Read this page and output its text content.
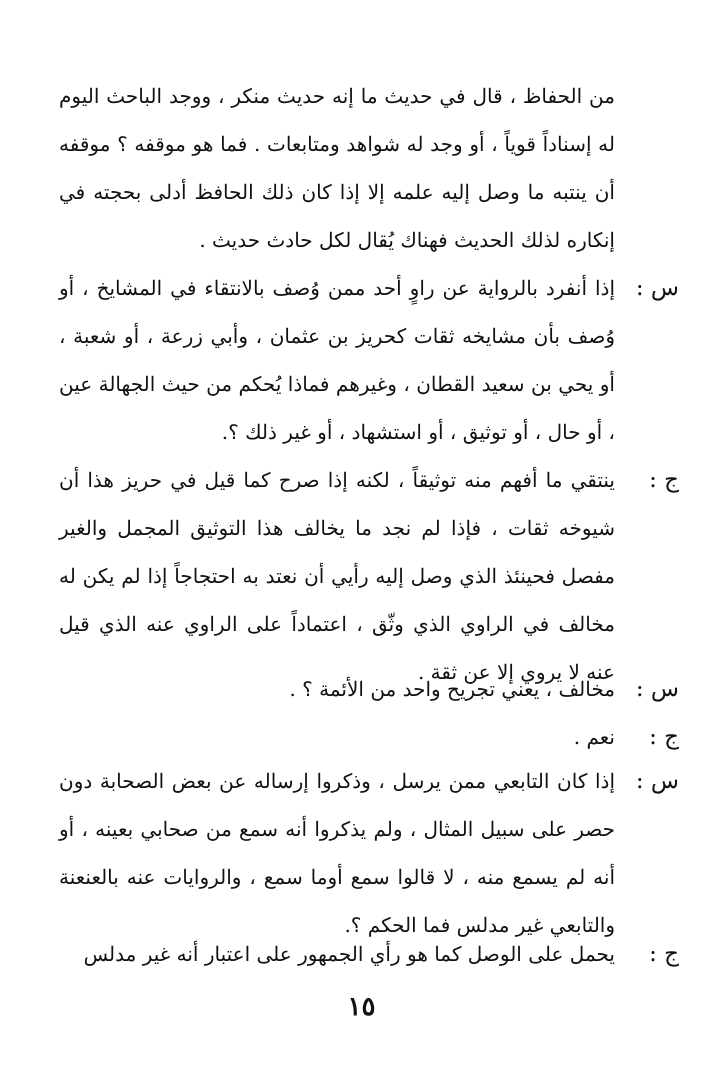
من الحفاظ ، قال في حديث ما إنه حديث منكر ، ووجد الباحث اليوم له إسناداً قوياً ، أو وجد له شواهد ومتابعات . فما هو موقفه ؟ موقفه أن ينتبه ما وصل إليه علمه إلا إذا كان ذلك الحافظ أدلى بحجته في إنكاره لذلك الحديث فهناك يُقال لكل حادث حديث .
س :
إذا أنفرد بالرواية عن راوٍ أحد ممن وُصف بالانتقاء في المشايخ ، أو وُصف بأن مشايخه ثقات كحريز بن عثمان ، وأبي زرعة ، أو شعبة ، أو يحي بن سعيد القطان ، وغيرهم فماذا يُحكم من حيث الجهالة عين ، أو حال ، أو توثيق ، أو استشهاد ، أو غير ذلك ؟.
ج :
ينتقي ما أفهم منه توثيقاً ، لكنه إذا صرح كما قيل في حريز هذا أن شيوخه ثقات ، فإذا لم نجد ما يخالف هذا التوثيق المجمل والغير مفصل فحينئذ الذي وصل إليه رأيي أن نعتد به احتجاجاً إذا لم يكن له مخالف في الراوي الذي وثّق ، اعتماداً على الراوي عنه الذي قيل عنه لا يروي إلا عن ثقة .
س :
مخالف ، يعني تجريح واحد من الأئمة ؟ .
ج :
نعم .
س :
إذا كان التابعي ممن يرسل ، وذكروا إرساله عن بعض الصحابة دون حصر على سبيل المثال ، ولم يذكروا أنه سمع من صحابي بعينه ، أو أنه لم يسمع منه ، لا قالوا سمع أوما سمع ، والروايات عنه بالعنعنة والتابعي غير مدلس فما الحكم ؟.
ج :
يحمل على الوصل كما هو رأي الجمهور على اعتبار أنه غير مدلس
١٥
